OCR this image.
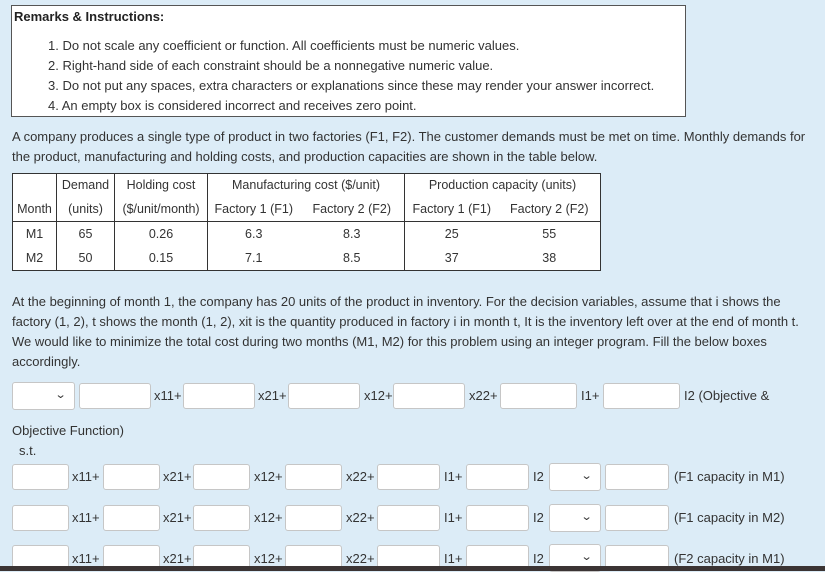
Remarks & Instructions:
1. Do not scale any coefficient or function. All coefficients must be numeric values.
2. Right-hand side of each constraint should be a nonnegative numeric value.
3. Do not put any spaces, extra characters or explanations since these may render your answer incorrect.
4. An empty box is considered incorrect and receives zero point.

A company produces a single type of product in two factories (F1, F2). The customer demands must be met on time. Monthly demands for the product, manufacturing and holding costs, and production capacities are shown in the table below.

	Demand	Holding cost	Manufacturing cost ($/unit)		Production capacity (units)	
Month	(units)	($/unit/month)	Factory 1 (F1)	Factory 2 (F2)	Factory 1 (F1)	Factory 2 (F2)
M1	65	0.26	6.3	8.3	25	55
M2	50	0.15	7.1	8.5	37	38

At the beginning of month 1, the company has 20 units of the product in inventory. For the decision variables, assume that i shows the factory (1, 2), t shows the month (1, 2), xit is the quantity produced in factory i in month t, It is the inventory left over at the end of month t. We would like to minimize the total cost during two months (M1, M2) for this problem using an integer program. Fill the below boxes accordingly.

⌄	x11+	x21+	x12+	x22+	I1+	I2 (Objective &
Objective Function)
s.t.
x11+	x21+	x12+	x22+	I1+	I2	⌄	(F1 capacity in M1)
x11+	x21+	x12+	x22+	I1+	I2	⌄	(F1 capacity in M2)
x11+	x21+	x12+	x22+	I1+	I2	⌄	(F2 capacity in M1)
